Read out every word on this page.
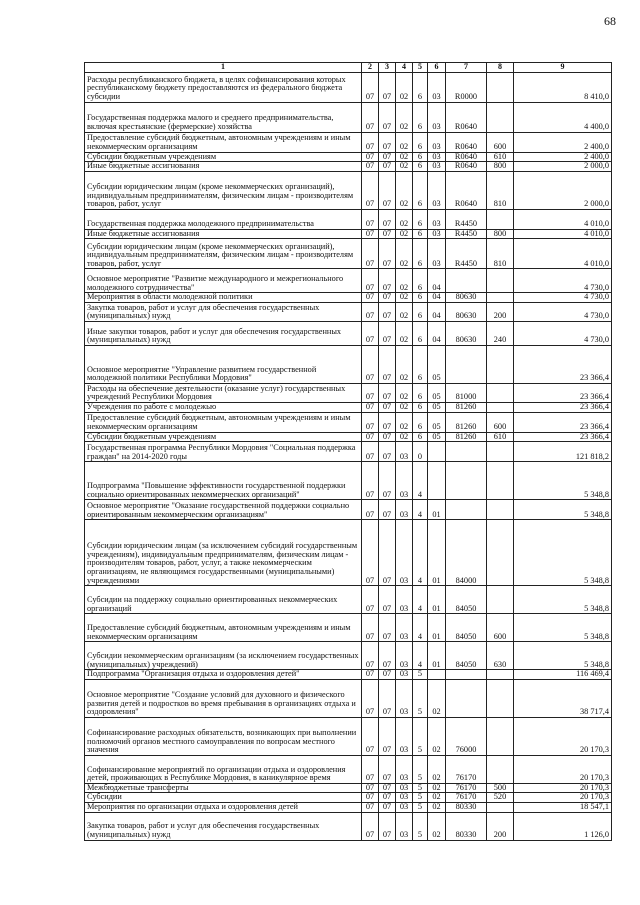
68
1	2	3	4	5	6	7	8	9
Расходы республиканского бюджета, в целях софинансирования которых республиканскому бюджету предоставляются из федерального бюджета субсидии	07	07	02	6	03	R0000		8 410,0
Государственная поддержка малого и среднего предпринимательства, включая крестьянские (фермерские) хозяйства	07	07	02	6	03	R0640		4 400,0
Предоставление субсидий бюджетным, автономным учреждениям и иным некоммерческим организациям	07	07	02	6	03	R0640	600	2 400,0
Субсидии бюджетным учреждениям	07	07	02	6	03	R0640	610	2 400,0
Иные бюджетные ассигнования	07	07	02	6	03	R0640	800	2 000,0
Субсидии юридическим лицам (кроме некоммерческих организаций), индивидуальным предпринимателям, физическим лицам - производителям товаров, работ, услуг	07	07	02	6	03	R0640	810	2 000,0
Государственная поддержка молодежного предпринимательства	07	07	02	6	03	R4450		4 010,0
Иные бюджетные ассигнования	07	07	02	6	03	R4450	800	4 010,0
Субсидии юридическим лицам (кроме некоммерческих организаций), индивидуальным предпринимателям, физическим лицам - производителям товаров, работ, услуг	07	07	02	6	03	R4450	810	4 010,0
Основное мероприятие "Развитие международного и межрегионального молодежного сотрудничества"	07	07	02	6	04			4 730,0
Мероприятия в области молодежной политики	07	07	02	6	04	80630		4 730,0
Закупка товаров, работ и услуг для обеспечения государственных (муниципальных) нужд	07	07	02	6	04	80630	200	4 730,0
Иные закупки товаров, работ и услуг для обеспечения государственных (муниципальных) нужд	07	07	02	6	04	80630	240	4 730,0
Основное мероприятие "Управление развитием государственной молодежной политики Республики Мордовия"	07	07	02	6	05			23 366,4
Расходы на обеспечение деятельности (оказание услуг) государственных учреждений Республики Мордовия	07	07	02	6	05	81000		23 366,4
Учреждения по работе с молодежью	07	07	02	6	05	81260		23 366,4
Предоставление субсидий бюджетным, автономным учреждениям и иным некоммерческим организациям	07	07	02	6	05	81260	600	23 366,4
Субсидии бюджетным учреждениям	07	07	02	6	05	81260	610	23 366,4
Государственная программа Республики Мордовия "Социальная поддержка граждан" на 2014-2020 годы	07	07	03	0				121 818,2
Подпрограмма "Повышение эффективности государственной поддержки социально ориентированных некоммерческих организаций"	07	07	03	4				5 348,8
Основное мероприятие "Оказание государственной поддержки социально ориентированным некоммерческим организациям"	07	07	03	4	01			5 348,8
Субсидии юридическим лицам (за исключением субсидий государственным учреждениям), индивидуальным предпринимателям, физическим лицам - производителям товаров, работ, услуг, а также некоммерческим организациям, не являющимся государственными (муниципальными) учреждениями	07	07	03	4	01	84000		5 348,8
Субсидии на поддержку социально ориентированных некоммерческих организаций	07	07	03	4	01	84050		5 348,8
Предоставление субсидий бюджетным, автономным учреждениям и иным некоммерческим организациям	07	07	03	4	01	84050	600	5 348,8
Субсидии некоммерческим организациям (за исключением государственных (муниципальных) учреждений)	07	07	03	4	01	84050	630	5 348,8
Подпрограмма "Организация отдыха и оздоровления детей"	07	07	03	5				116 469,4
Основное мероприятие "Создание условий для духовного и физического развития детей и подростков во время пребывания в организациях отдыха и оздоровления"	07	07	03	5	02			38 717,4
Софинансирование расходных обязательств, возникающих при выполнении полномочий органов местного самоуправления по вопросам местного значения	07	07	03	5	02	76000		20 170,3
Софинансирование мероприятий по организации отдыха и оздоровления детей, проживающих в Республике Мордовия, в каникулярное время	07	07	03	5	02	76170		20 170,3
Межбюджетные трансферты	07	07	03	5	02	76170	500	20 170,3
Субсидии	07	07	03	5	02	76170	520	20 170,3
Мероприятия по организации отдыха и оздоровления детей	07	07	03	5	02	80330		18 547,1
Закупка товаров, работ и услуг для обеспечения государственных (муниципальных) нужд	07	07	03	5	02	80330	200	1 126,0
